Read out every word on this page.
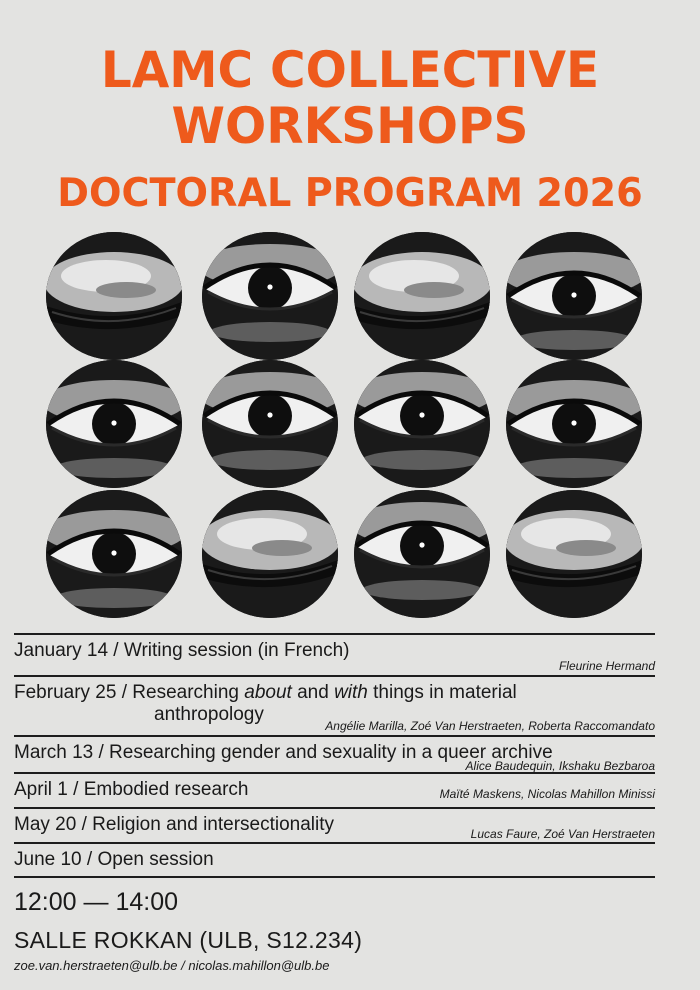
LAMC COLLECTIVE
WORKSHOPS
DOCTORAL PROGRAM 2026
January 14 / Writing session (in French)
Fleurine Hermand
February 25 / Researching about and with things in material
anthropology
Angélie Marilla, Zoé Van Herstraeten, Roberta Raccomandato
March 13 / Researching gender and sexuality in a queer archive
Alice Baudequin, Ikshaku Bezbaroa
April 1 / Embodied research	Maïté Maskens, Nicolas Mahillon Minissi
May 20 / Religion and intersectionality	Lucas Faure, Zoé Van Herstraeten
June 10 / Open session
12:00 — 14:00
SALLE ROKKAN (ULB, S12.234)
zoe.van.herstraeten@ulb.be / nicolas.mahillon@ulb.be
